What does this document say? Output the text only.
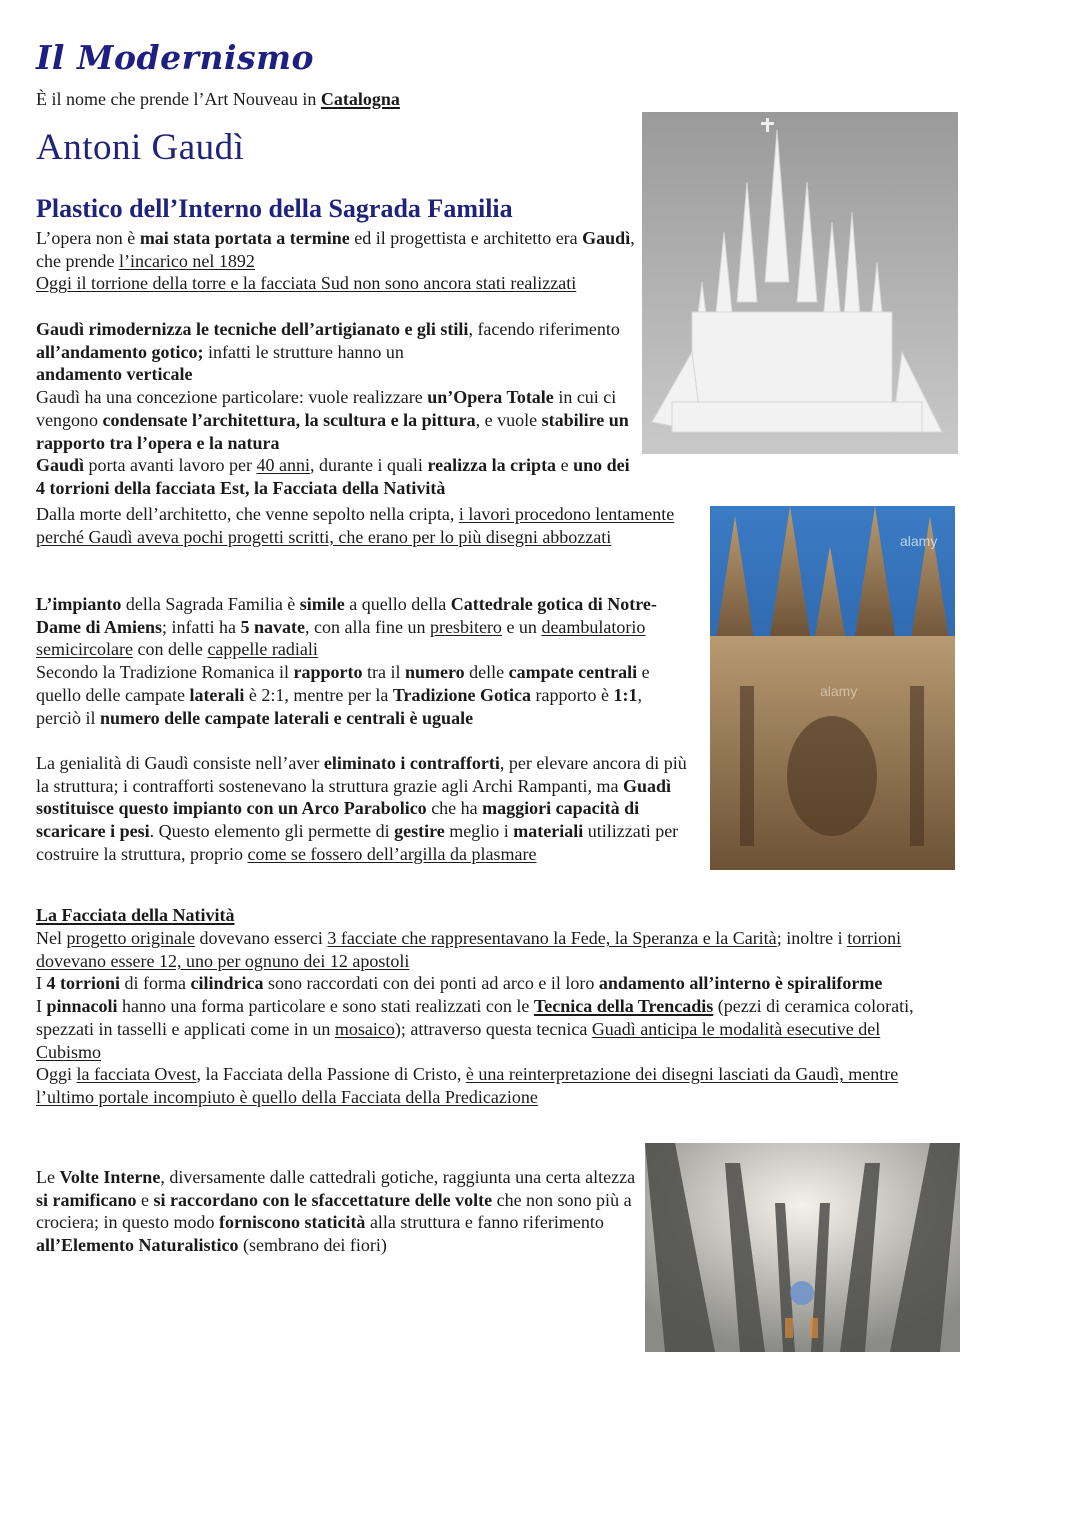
Il Modernismo

È il nome che prende l’Art Nouveau in Catalogna

Antoni Gaudì
Plastico dell’Interno della Sagrada Familia

L’opera non è mai stata portata a termine ed il progettista e architetto era Gaudì, che prende l’incarico nel 1892
Oggi il torrione della torre e la facciata Sud non sono ancora stati realizzati

Gaudì rimodernizza le tecniche dell’artigianato e gli stili, facendo riferimento all’andamento gotico; infatti le strutture hanno un
andamento verticale
Gaudì ha una concezione particolare: vuole realizzare un’Opera Totale in cui ci vengono condensate l’architettura, la scultura e la pittura, e vuole stabilire un rapporto tra l’opera e la natura
Gaudì porta avanti lavoro per 40 anni, durante i quali realizza la cripta e uno dei 4 torrioni della facciata Est, la Facciata della Natività

Dalla morte dell’architetto, che venne sepolto nella cripta, i lavori procedono lentamente perché Gaudì aveva pochi progetti scritti, che erano per lo più disegni abbozzati

L’impianto della Sagrada Familia è simile a quello della Cattedrale gotica di Notre-Dame di Amiens; infatti ha 5 navate, con alla fine un presbitero e un deambulatorio semicircolare con delle cappelle radiali
Secondo la Tradizione Romanica il rapporto tra il numero delle campate centrali e quello delle campate laterali è 2:1, mentre per la Tradizione Gotica rapporto è 1:1, perciò il numero delle campate laterali e centrali è uguale

La genialità di Gaudì consiste nell’aver eliminato i contrafforti, per elevare ancora di più la struttura; i contrafforti sostenevano la struttura grazie agli Archi Rampanti, ma Guadì sostituisce questo impianto con un Arco Parabolico che ha maggiori capacità di scaricare i pesi. Questo elemento gli permette di gestire meglio i materiali utilizzati per costruire la struttura, proprio come se fossero dell’argilla da plasmare

La Facciata della Natività

Nel progetto originale dovevano esserci 3 facciate che rappresentavano la Fede, la Speranza e la Carità; inoltre i torrioni dovevano essere 12, uno per ognuno dei 12 apostoli
I 4 torrioni di forma cilindrica sono raccordati con dei ponti ad arco e il loro andamento all’interno è spiraliforme
I pinnacoli hanno una forma particolare e sono stati realizzati con le Tecnica della Trencadis (pezzi di ceramica colorati, spezzati in tasselli e applicati come in un mosaico); attraverso questa tecnica Guadì anticipa le modalità esecutive del Cubismo
Oggi la facciata Ovest, la Facciata della Passione di Cristo, è una reinterpretazione dei disegni lasciati da Gaudì, mentre l’ultimo portale incompiuto è quello della Facciata della Predicazione

Le Volte Interne, diversamente dalle cattedrali gotiche, raggiunta una certa altezza si ramificano e si raccordano con le sfaccettature delle volte che non sono più a crociera; in questo modo forniscono staticità alla struttura e fanno riferimento all’Elemento Naturalistico (sembrano dei fiori)

alamy
alamy
